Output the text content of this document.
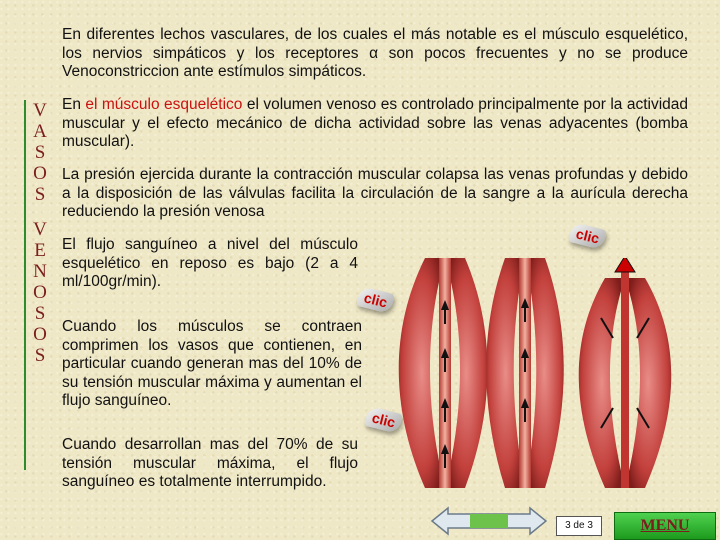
V
A
S
O
S
V
E
N
O
S
O
S
En diferentes lechos vasculares, de los cuales el más notable es el músculo esquelético, los nervios simpáticos y los receptores α son pocos frecuentes y no se produce Venoconstriccion ante estímulos simpáticos.
En el músculo esquelético el volumen venoso es controlado principalmente por la actividad muscular y el efecto mecánico de dicha actividad sobre las venas adyacentes (bomba muscular).
La presión ejercida durante la contracción muscular colapsa las venas profundas y debido a la disposición de las válvulas facilita la circulación de la sangre a la aurícula derecha reduciendo la presión venosa
El flujo sanguíneo a nivel del músculo esquelético en reposo es bajo (2 a 4 ml/100gr/min).
Cuando los músculos se contraen comprimen los vasos que contienen, en particular cuando generan mas del 10% de su tensión muscular máxima y aumentan el flujo sanguíneo.
Cuando desarrollan mas del 70% de su tensión muscular máxima, el flujo sanguíneo es totalmente interrumpido.
clic
clic
clic
3 de 3	MENU
